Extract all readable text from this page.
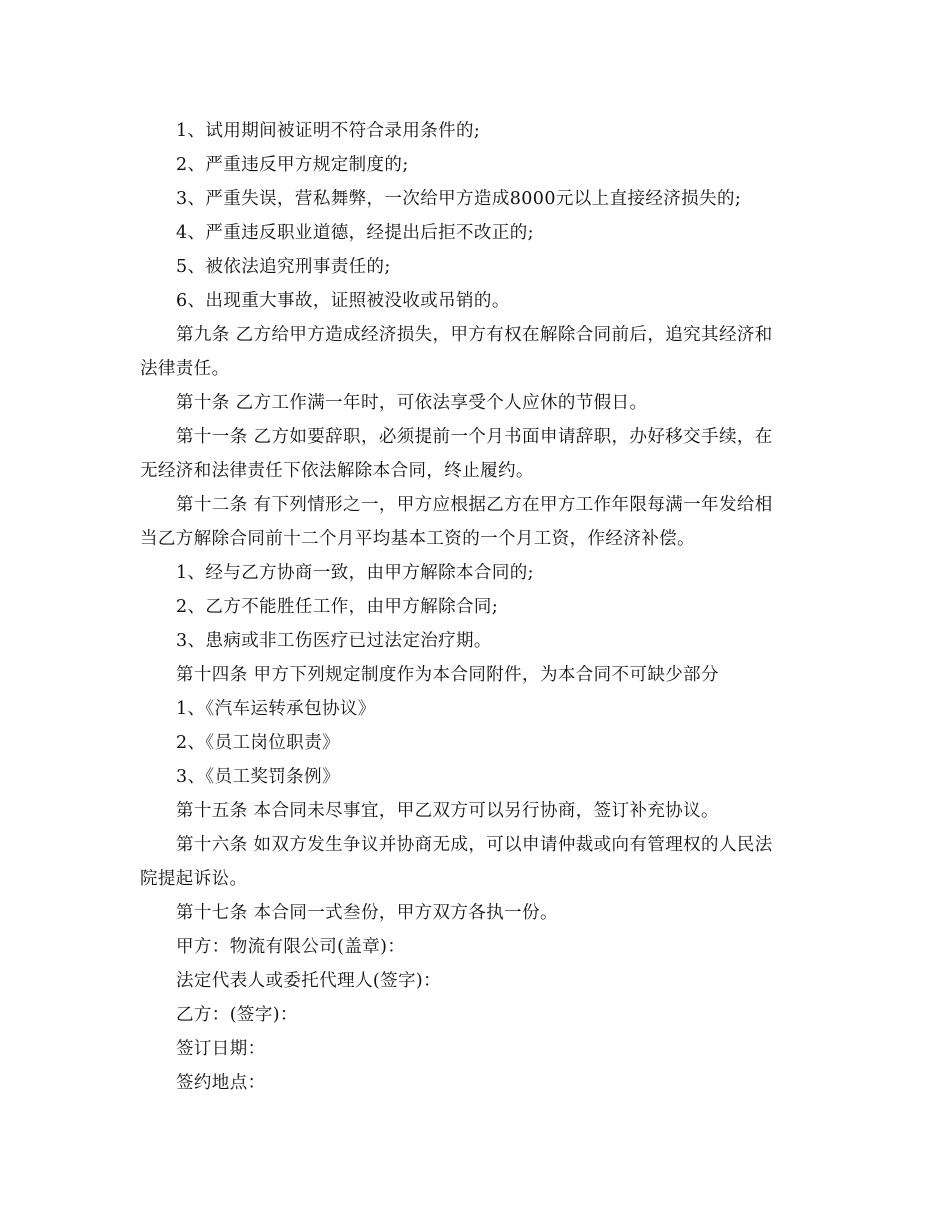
1、试用期间被证明不符合录用条件的;
2、严重违反甲方规定制度的;
3、严重失误，营私舞弊，一次给甲方造成8000元以上直接经济损失的;
4、严重违反职业道德，经提出后拒不改正的;
5、被依法追究刑事责任的;
6、出现重大事故，证照被没收或吊销的。
第九条 乙方给甲方造成经济损失，甲方有权在解除合同前后，追究其经济和
法律责任。
第十条 乙方工作满一年时，可依法享受个人应休的节假日。
第十一条 乙方如要辞职，必须提前一个月书面申请辞职，办好移交手续，在
无经济和法律责任下依法解除本合同，终止履约。
第十二条 有下列情形之一，甲方应根据乙方在甲方工作年限每满一年发给相
当乙方解除合同前十二个月平均基本工资的一个月工资，作经济补偿。
1、经与乙方协商一致，由甲方解除本合同的;
2、乙方不能胜任工作，由甲方解除合同;
3、患病或非工伤医疗已过法定治疗期。
第十四条 甲方下列规定制度作为本合同附件，为本合同不可缺少部分
1、《汽车运转承包协议》
2、《员工岗位职责》
3、《员工奖罚条例》
第十五条 本合同未尽事宜，甲乙双方可以另行协商，签订补充协议。
第十六条 如双方发生争议并协商无成，可以申请仲裁或向有管理权的人民法
院提起诉讼。
第十七条 本合同一式叁份，甲方双方各执一份。
甲方：物流有限公司(盖章)：
法定代表人或委托代理人(签字)：
乙方：(签字)：
签订日期：
签约地点：
